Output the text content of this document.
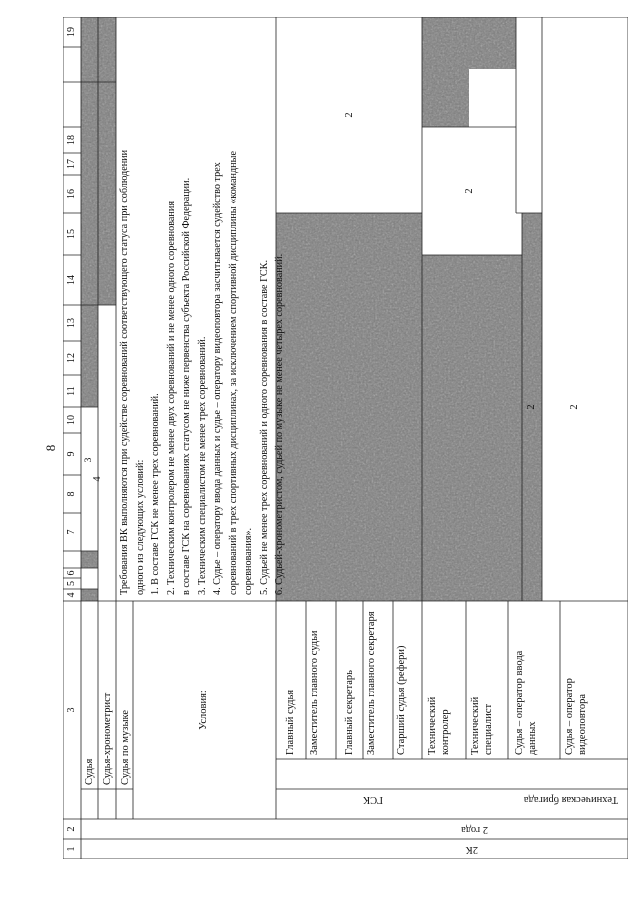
8
1
2
3
4
5
6
7
8
9
10
11
12
13
14
15
16
17
18
19
Судья Судья-хронометрист Судья по музыке
4
3
Условия:
Требования ВК выполняются при судействе соревнований соответствующего статуса при соблюдении одного из следующих условий: 1. В составе ГСК не менее трех соревнований. 2. Техническим контролером не менее двух соревнований и не менее одного соревнования в составе ГСК на соревнованиях статусом не ниже первенства субъекта Российской Федерации. 3. Техническим специалистом не менее трех соревнований. 4. Судье – оператору ввода данных и судье – оператору видеоповтора засчитывается судейство трех соревнований в трех спортивных дисциплинах, за исключением спортивной дисциплины «командные соревнования». 5. Судьей не менее трех соревнований и одного соревнования в составе ГСК. 6. Судьей-хронометристом, судьей по музыке не менее четырех соревнований.
2К
2 года
ГСК	Техническая бригада
Главный судья Заместитель главного судьи Главный секретарь Заместитель главного секретаря Старший судья (рефери) Технический контролер Технический специалист Судья – оператор ввода данных Судья – оператор видеоповтора
2
2
2	2
